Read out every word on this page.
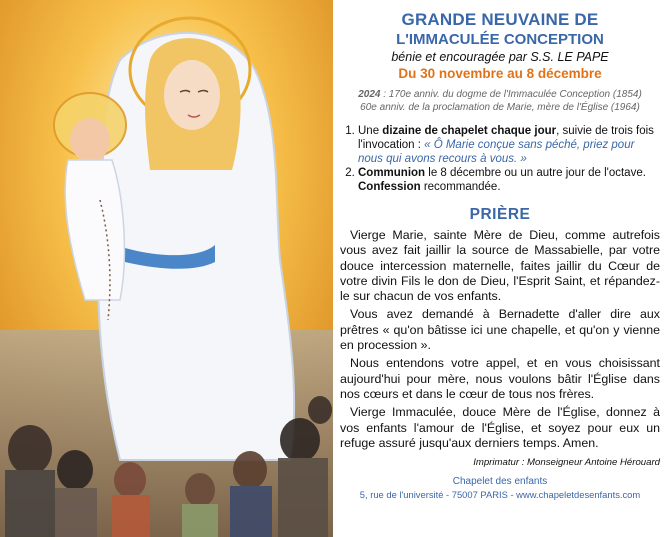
GRANDE NEUVAINE DE
L'IMMACULÉE CONCEPTION
bénie et encouragée par S.S. LE PAPE
Du 30 novembre au 8 décembre
2024 : 170e anniv. du dogme de l'Immaculée Conception (1854)
60e anniv. de la proclamation de Marie, mère de l'Église (1964)
1. Une dizaine de chapelet chaque jour, suivie de trois fois l'invocation : « Ô Marie conçue sans péché, priez pour nous qui avons recours à vous. »
2. Communion le 8 décembre ou un autre jour de l'octave. Confession recommandée.
PRIÈRE

Vierge Marie, sainte Mère de Dieu, comme autrefois vous avez fait jaillir la source de Massabielle, par votre douce intercession maternelle, faites jaillir du Cœur de votre divin Fils le don de Dieu, l'Esprit Saint, et répandez-le sur chacun de vos enfants.

Vous avez demandé à Bernadette d'aller dire aux prêtres « qu'on bâtisse ici une chapelle, et qu'on y vienne en procession ».

Nous entendons votre appel, et en vous choisissant aujourd'hui pour mère, nous voulons bâtir l'Église dans nos cœurs et dans le cœur de tous nos frères.

Vierge Immaculée, douce Mère de l'Église, donnez à vos enfants l'amour de l'Église, et soyez pour eux un refuge assuré jusqu'aux derniers temps. Amen.

Imprimatur : Monseigneur Antoine Hérouard
Chapelet des enfants
5, rue de l'université - 75007 PARIS - www.chapeletdesenfants.com
